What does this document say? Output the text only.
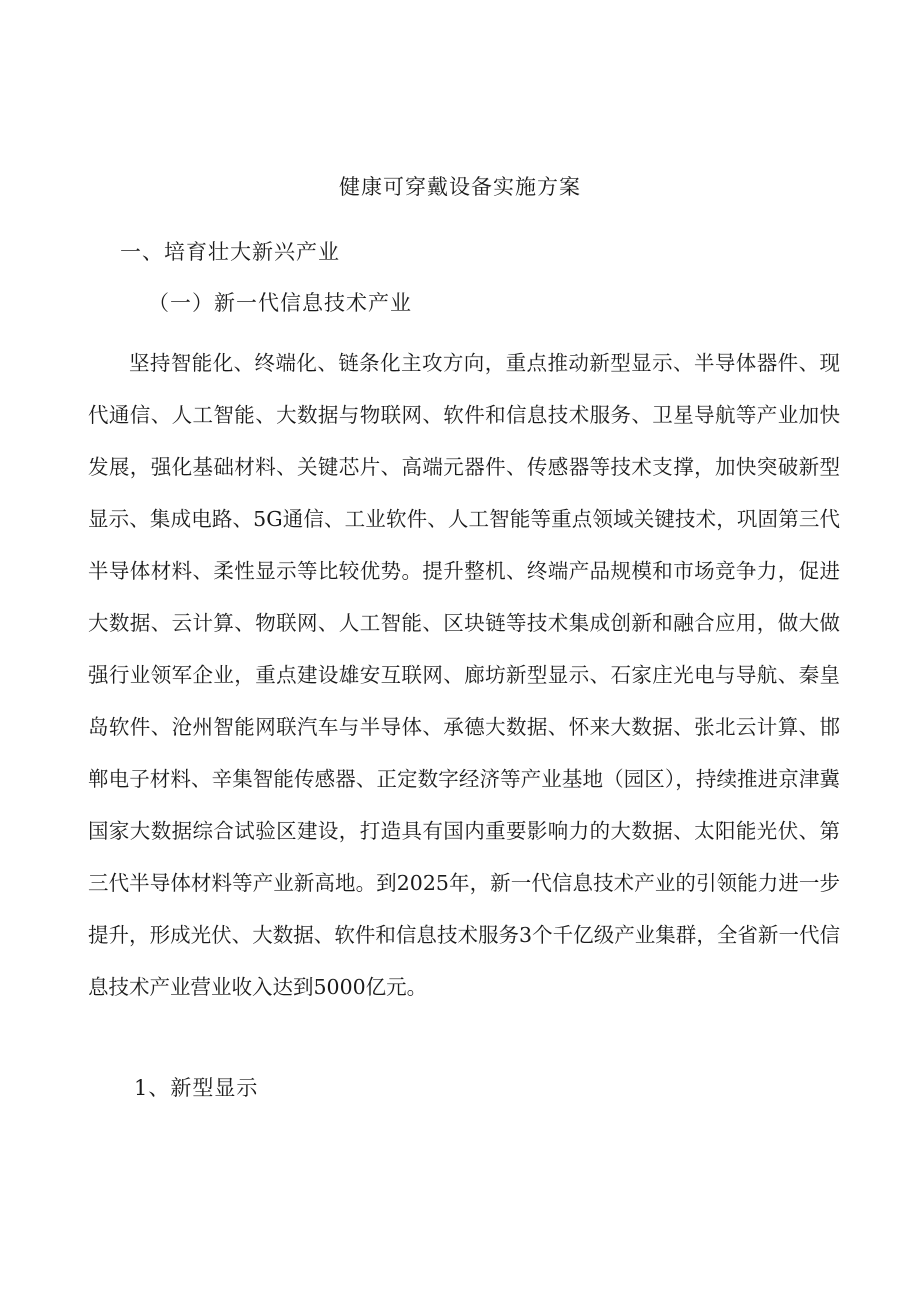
健康可穿戴设备实施方案
一、培育壮大新兴产业
（一）新一代信息技术产业

坚持智能化、终端化、链条化主攻方向，重点推动新型显示、半导体器件、现代通信、人工智能、大数据与物联网、软件和信息技术服务、卫星导航等产业加快发展，强化基础材料、关键芯片、高端元器件、传感器等技术支撑，加快突破新型显示、集成电路、5G通信、工业软件、人工智能等重点领域关键技术，巩固第三代半导体材料、柔性显示等比较优势。提升整机、终端产品规模和市场竞争力，促进大数据、云计算、物联网、人工智能、区块链等技术集成创新和融合应用，做大做强行业领军企业，重点建设雄安互联网、廊坊新型显示、石家庄光电与导航、秦皇岛软件、沧州智能网联汽车与半导体、承德大数据、怀来大数据、张北云计算、邯郸电子材料、辛集智能传感器、正定数字经济等产业基地（园区），持续推进京津冀国家大数据综合试验区建设，打造具有国内重要影响力的大数据、太阳能光伏、第三代半导体材料等产业新高地。到2025年，新一代信息技术产业的引领能力进一步提升，形成光伏、大数据、软件和信息技术服务3个千亿级产业集群，全省新一代信息技术产业营业收入达到5000亿元。

1、新型显示
